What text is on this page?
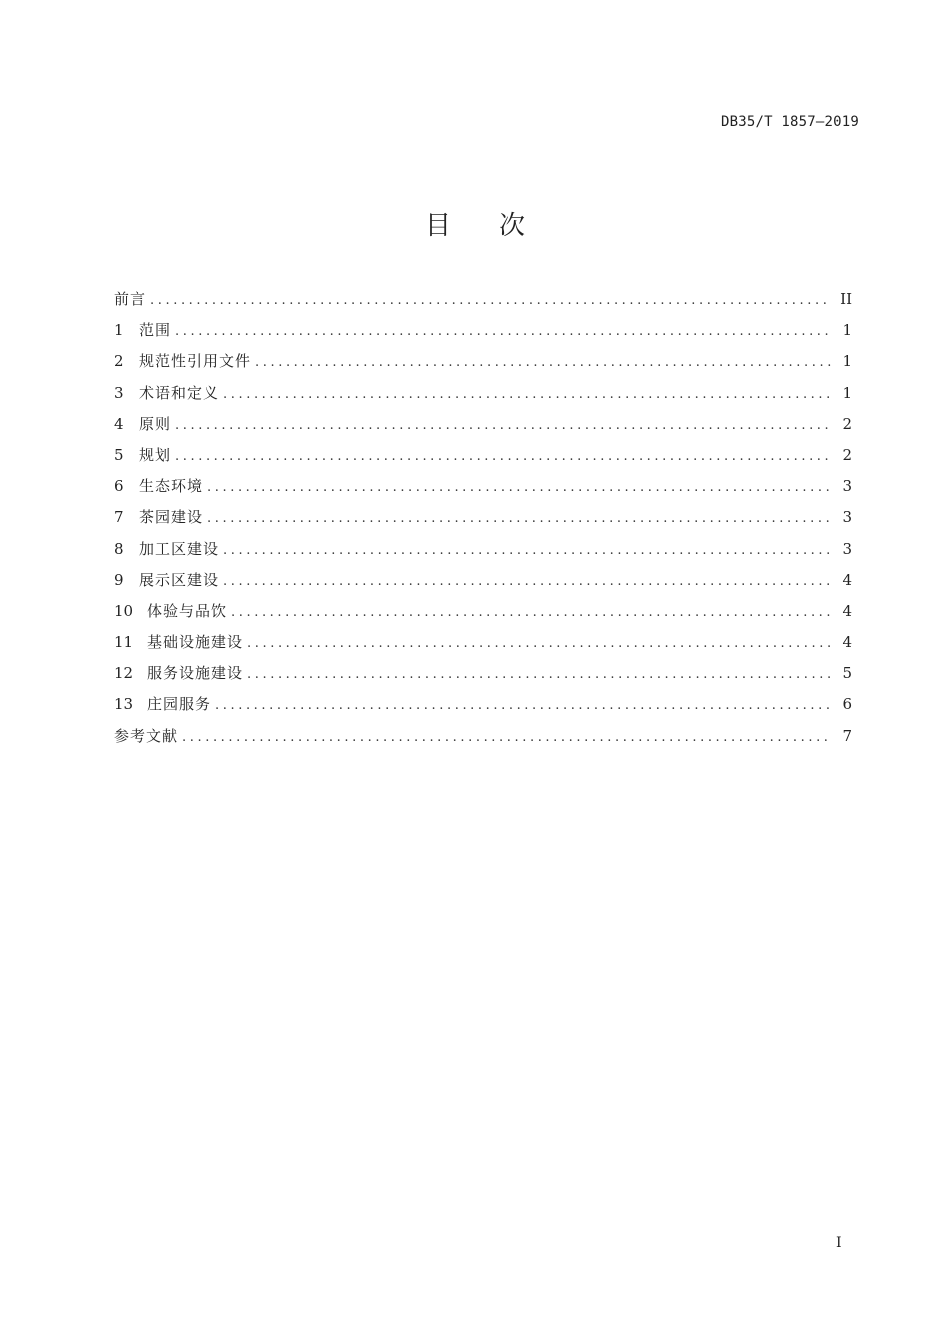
DB35/T 1857—2019
目 次
前言 .....	II
1	范围 .....	1
2	规范性引用文件 .....	1
3	术语和定义 .....	1
4	原则 .....	2
5	规划 .....	2
6	生态环境 .....	3
7	茶园建设 .....	3
8	加工区建设 .....	3
9	展示区建设 .....	4
10 体验与品饮 .....	4
11 基础设施建设 .....	4
12 服务设施建设 .....	5
13 庄园服务 .....	6
参考文献 .....	7
I
